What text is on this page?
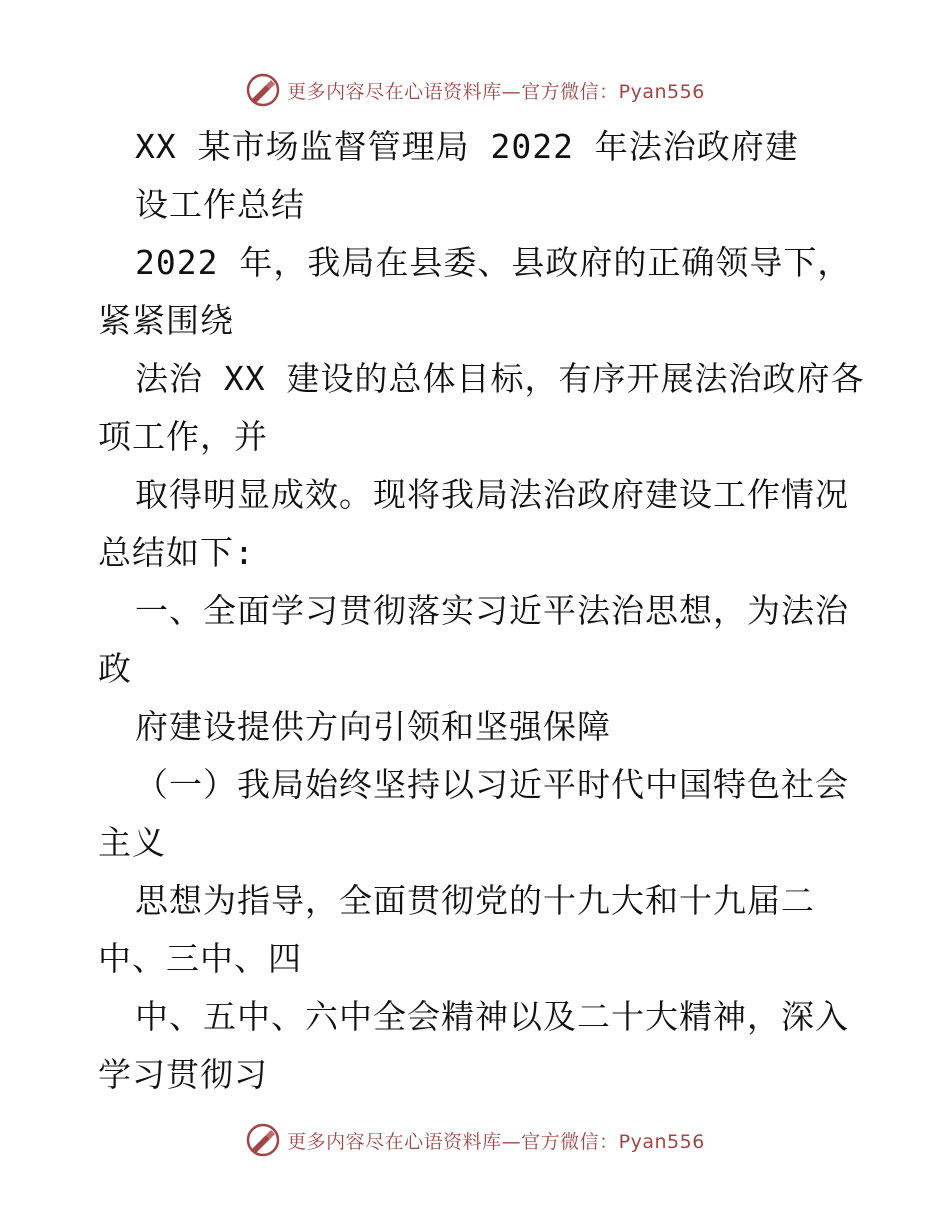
更多内容尽在心语资料库—官方微信：Pyan556
XX 某市场监督管理局 2022 年法治政府建
设工作总结
2022 年，我局在县委、县政府的正确领导下，
紧紧围绕
法治 XX 建设的总体目标，有序开展法治政府各
项工作，并
取得明显成效。现将我局法治政府建设工作情况
总结如下:
一、全面学习贯彻落实习近平法治思想，为法治
政
府建设提供方向引领和坚强保障
（一）我局始终坚持以习近平时代中国特色社会
主义
思想为指导，全面贯彻党的十九大和十九届二
中、三中、四
中、五中、六中全会精神以及二十大精神，深入
学习贯彻习
更多内容尽在心语资料库—官方微信：Pyan556
